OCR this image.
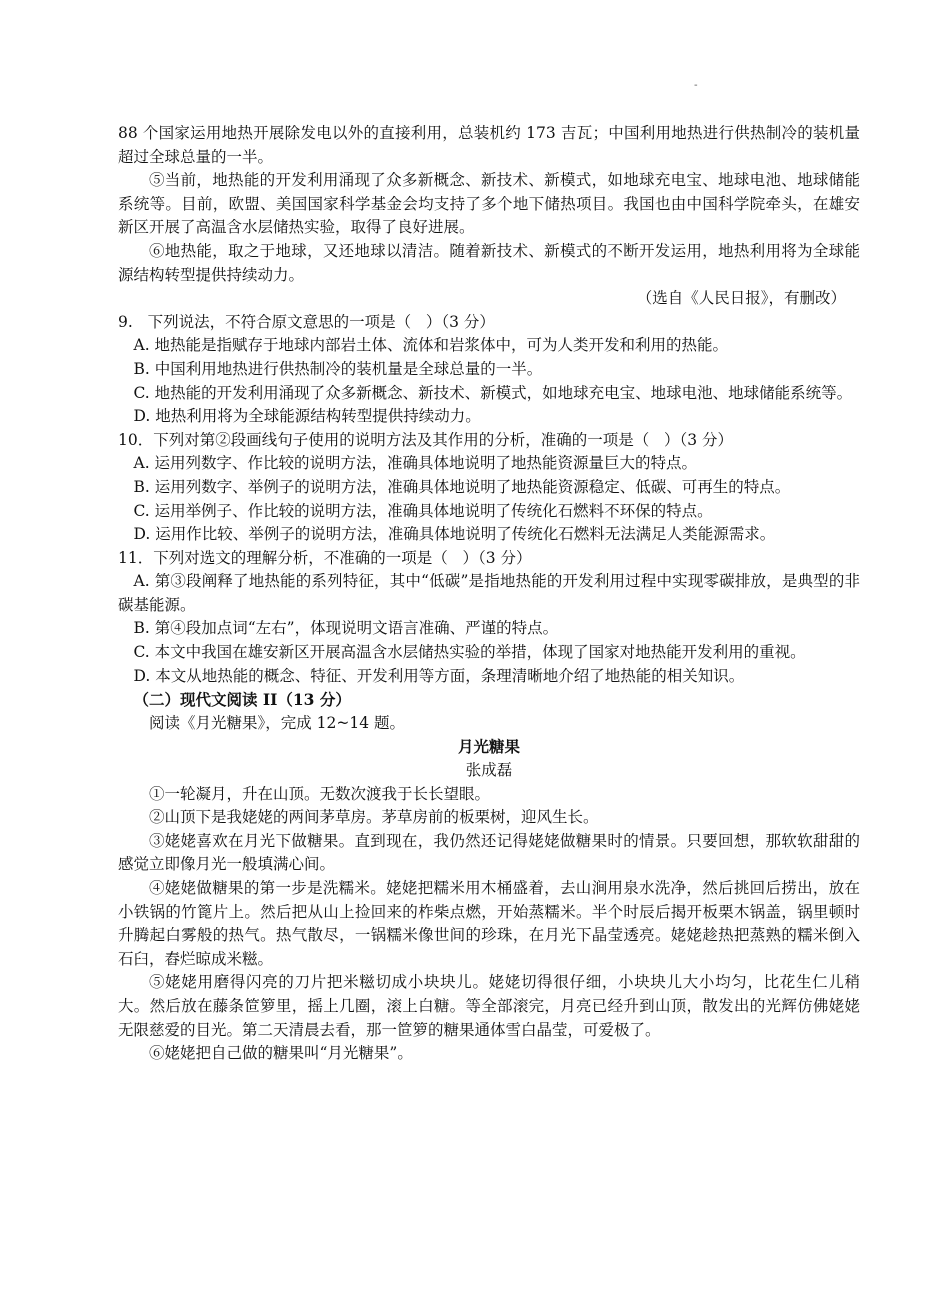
-

88 个国家运用地热开展除发电以外的直接利用，总装机约 173 吉瓦；中国利用地热进行供热制冷的装机量超过全球总量的一半。

⑤当前，地热能的开发利用涌现了众多新概念、新技术、新模式，如地球充电宝、地球电池、地球储能系统等。目前，欧盟、美国国家科学基金会均支持了多个地下储热项目。我国也由中国科学院牵头，在雄安新区开展了高温含水层储热实验，取得了良好进展。

⑥地热能，取之于地球，又还地球以清洁。随着新技术、新模式的不断开发运用，地热利用将为全球能源结构转型提供持续动力。

（选自《人民日报》，有删改）

9.   下列说法，不符合原文意思的一项是（   ）（3 分）

A. 地热能是指赋存于地球内部岩土体、流体和岩浆体中，可为人类开发和利用的热能。

B. 中国利用地热进行供热制冷的装机量是全球总量的一半。

C. 地热能的开发利用涌现了众多新概念、新技术、新模式，如地球充电宝、地球电池、地球储能系统等。

D. 地热利用将为全球能源结构转型提供持续动力。

10．下列对第②段画线句子使用的说明方法及其作用的分析，准确的一项是（   ）（3 分）

A. 运用列数字、作比较的说明方法，准确具体地说明了地热能资源量巨大的特点。

B. 运用列数字、举例子的说明方法，准确具体地说明了地热能资源稳定、低碳、可再生的特点。

C. 运用举例子、作比较的说明方法，准确具体地说明了传统化石燃料不环保的特点。

D. 运用作比较、举例子的说明方法，准确具体地说明了传统化石燃料无法满足人类能源需求。

11．下列对选文的理解分析，不准确的一项是（   ）（3 分）

A. 第③段阐释了地热能的系列特征，其中“低碳”是指地热能的开发利用过程中实现零碳排放，是典型的非碳基能源。

B. 第④段加点词“左右”，体现说明文语言准确、严谨的特点。

C. 本文中我国在雄安新区开展高温含水层储热实验的举措，体现了国家对地热能开发利用的重视。

D. 本文从地热能的概念、特征、开发利用等方面，条理清晰地介绍了地热能的相关知识。

（二）现代文阅读 II（13 分）

阅读《月光糖果》，完成 12~14 题。

月光糖果

张成磊

①一轮凝月，升在山顶。无数次渡我于长长望眼。

②山顶下是我姥姥的两间茅草房。茅草房前的板栗树，迎风生长。

③姥姥喜欢在月光下做糖果。直到现在，我仍然还记得姥姥做糖果时的情景。只要回想，那软软甜甜的感觉立即像月光一般填满心间。

④姥姥做糖果的第一步是洗糯米。姥姥把糯米用木桶盛着，去山涧用泉水洗净，然后挑回后捞出，放在小铁锅的竹篦片上。然后把从山上捡回来的柞柴点燃，开始蒸糯米。半个时辰后揭开板栗木锅盖，锅里顿时升腾起白雾般的热气。热气散尽，一锅糯米像世间的珍珠，在月光下晶莹透亮。姥姥趁热把蒸熟的糯米倒入石臼，舂烂晾成米糍。

⑤姥姥用磨得闪亮的刀片把米糍切成小块块儿。姥姥切得很仔细，小块块儿大小均匀，比花生仁儿稍大。然后放在藤条笸箩里，摇上几圈，滚上白糖。等全部滚完，月亮已经升到山顶，散发出的光辉仿佛姥姥无限慈爱的目光。第二天清晨去看，那一笸箩的糖果通体雪白晶莹，可爱极了。

⑥姥姥把自己做的糖果叫“月光糖果”。
